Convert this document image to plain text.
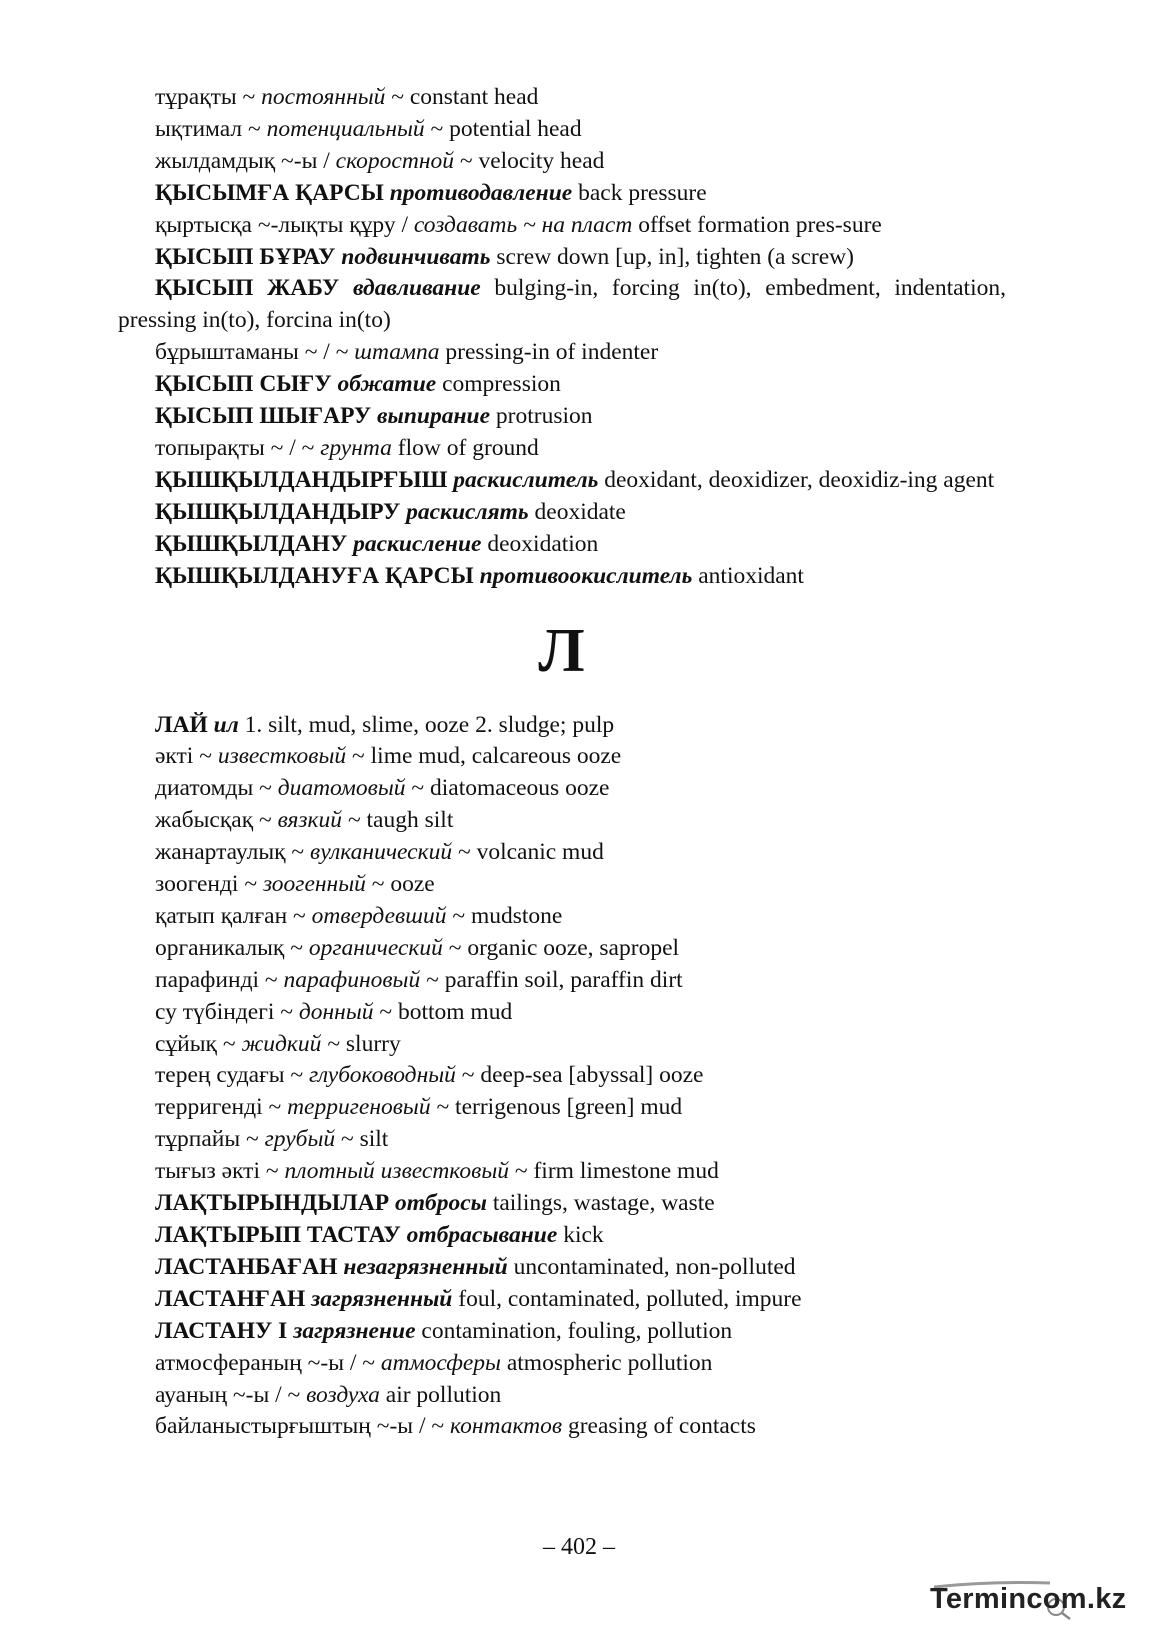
тұрақты ~ постоянный ~ constant head

ықтимал ~ потенциальный ~ potential head

жылдамдық ~-ы / скоростной ~ velocity head

ҚЫСЫМҒА ҚАРСЫ противодавление back pressure

қыртысқа ~-лықты құру / создавать ~ на пласт offset formation pres-sure

ҚЫСЫП БҰРАУ подвинчивать screw down [up, in], tighten (a screw)

ҚЫСЫП ЖАБУ вдавливание bulging-in, forcing in(to), embedment, indentation, pressing in(to), forcina in(to)

бұрыштаманы ~ / ~ штампа pressing-in of indenter

ҚЫСЫП СЫҒУ обжатие compression

ҚЫСЫП ШЫҒАРУ выпирание protrusion

топырақты ~ / ~ грунта flow of ground

ҚЫШҚЫЛДАНДЫРҒЫШ раскислитель deoxidant, deoxidizer, deoxidiz-ing agent

ҚЫШҚЫЛДАНДЫРУ раскислять deoxidate

ҚЫШҚЫЛДАНУ раскисление deoxidation

ҚЫШҚЫЛДАНУҒА ҚАРСЫ противоокислитель antioxidant

Л

ЛАЙ ил 1. silt, mud, slime, ooze 2. sludge; pulp

әкті ~ известковый ~ lime mud, calcareous ooze

диатомды ~ диатомовый ~ diatomaceous ooze

жабысқақ ~ вязкий ~ taugh silt

жанартаулық ~ вулканический ~ volcanic mud

зоогенді ~ зоогенный ~ ooze

қатып қалған ~ отвердевший ~ mudstone

органикалық ~ органический ~ organic ooze, sapropel

парафинді ~ парафиновый ~ paraffin soil, paraffin dirt

су түбіндегі ~ донный ~ bottom mud

сұйық ~ жидкий ~ slurry

терең судағы ~ глубоководный ~ deep-sea [abyssal] ooze

терригенді ~ терригеновый ~ terrigenous [green] mud

тұрпайы ~ грубый ~ silt

тығыз әкті ~ плотный известковый ~ firm limestone mud

ЛАҚТЫРЫНДЫЛАР отбросы tailings, wastage, waste

ЛАҚТЫРЫП ТАСТАУ отбрасывание kick

ЛАСТАНБАҒАН незагрязненный uncontaminated, non-polluted

ЛАСТАНҒАН загрязненный foul, contaminated, polluted, impure

ЛАСТАНУ I загрязнение contamination, fouling, pollution

атмосфераның ~-ы / ~ атмосферы atmospheric pollution

ауаның ~-ы / ~ воздуха air pollution

байланыстырғыштың ~-ы / ~ контактов greasing of contacts

– 402 –
Termincom.kz
